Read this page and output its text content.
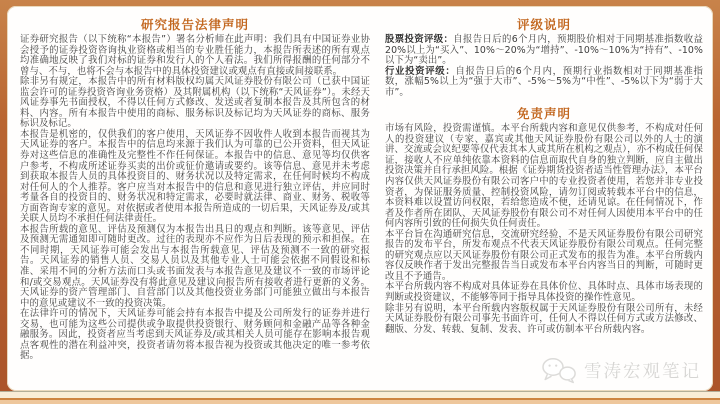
研究报告法律声明

证券研究报告（以下统称“本报告”）署名分析师在此声明：我们具有中国证券业协会授予的证券投资咨询执业资格或相当的专业胜任能力，本报告所表述的所有观点均准确地反映了我们对标的证券和发行人的个人看法。我们所得报酬的任何部分不曾与、不与，也将不会与本报告中的具体投资建议或观点有直接或间接联系。

除非另有规定，本报告中的所有材料版权均属天风证券股份有限公司（已获中国证监会许可的证券投资咨询业务资格）及其附属机构（以下统称“天风证券”）。未经天风证券事先书面授权，不得以任何方式修改、发送或者复制本报告及其所包含的材料、内容。所有本报告中使用的商标、服务标识及标记均为天风证券的商标、服务标识及标记。

本报告是机密的，仅供我们的客户使用，天风证券不因收件人收到本报告而视其为天风证券的客户。本报告中的信息均来源于我们认为可靠的已公开资料，但天风证券对这些信息的准确性及完整性不作任何保证。本报告中的信息、意见等均仅供客户参考，不构成所述证券买卖的出价或征价邀请或要约。该等信息、意见并未考虑到获取本报告人员的具体投资目的、财务状况以及特定需求，在任何时候均不构成对任何人的个人推荐。客户应当对本报告中的信息和意见进行独立评估，并应同时考量各自的投资目的、财务状况和特定需求，必要时就法律、商业、财务、税收等方面咨询专家的意见。对依据或者使用本报告所造成的一切后果，天风证券及/或其关联人员均不承担任何法律责任。

本报告所载的意见、评估及预测仅为本报告出具日的观点和判断。该等意见、评估及预测无需通知即可随时更改。过往的表现亦不应作为日后表现的预示和担保。在不同时期，天风证券可能会发出与本报告所载意见、评估及预测不一致的研究报告。天风证券的销售人员、交易人员以及其他专业人士可能会依据不同假设和标准、采用不同的分析方法而口头或书面发表与本报告意见及建议不一致的市场评论和/或交易观点。天风证券没有将此意见及建议向报告所有接收者进行更新的义务。天风证券的资产管理部门、自营部门以及其他投资业务部门可能独立做出与本报告中的意见或建议不一致的投资决策。

在法律许可的情况下，天风证券可能会持有本报告中提及公司所发行的证券并进行交易，也可能为这些公司提供或争取提供投资银行、财务顾问和金融产品等各种金融服务。因此，投资者应当考虑到天风证券及/或其相关人员可能存在影响本报告观点客观性的潜在利益冲突，投资者请勿将本报告视为投资或其他决定的唯一参考依据。

评级说明

股票投资评级：自报告日后的6个月内，预期股价相对于同期基准指数收益20%以上为“买入”、10%～20%为“增持”、-10%～10%为“持有”、-10%以下为“卖出”。

行业投资评级：自报告日后的6个月内，预期行业指数相对于同期基准指数，涨幅5%以上为“强于大市”、-5%～5%为“中性”、-5%以下为“弱于大市”。

免责声明

市场有风险，投资需谨慎。本平台所载内容和意见仅供参考，不构成对任何人的投资建议（专家、嘉宾或其他天风证券股份有限公司以外的人士的演讲、交流或会议纪要等仅代表其本人或其所在机构之观点），亦不构成任何保证，接收人不应单纯依靠本资料的信息而取代自身的独立判断，应自主做出投资决策并自行承担风险。根据《证券期货投资者适当性管理办法》，本平台内容仅供天风证券股份有限公司客户中的专业投资者使用，若您并非专业投资者，为保证服务质量、控制投资风险，请勿订阅或转载本平台中的信息，本资料难以设置访问权限，若给您造成不便，还请见谅。在任何情况下，作者及作者所在团队、天风证券股份有限公司不对任何人因使用本平台中的任何内容所引致的任何损失负任何责任。

本平台旨在沟通研究信息，交流研究经验，不是天风证券股份有限公司研究报告的发布平台，所发布观点不代表天风证券股份有限公司观点。任何完整的研究观点应以天风证券股份有限公司正式发布的报告为准。本平台所载内容仅反映作者于发出完整报告当日或发布本平台内容当日的判断，可随时更改且不予通告。

本平台所载内容不构成对具体证券在具体价位、具体时点、具体市场表现的判断或投资建议，不能够等同于指导具体投资的操作性意见。

除非另有说明，本平台所载内容版权属于天风证券股份有限公司所有，未经天风证券股份有限公司事先书面许可，任何人不得以任何方式或方法修改、翻版、分发、转载、复制、发表、许可或仿制本平台所载内容。

雪涛宏观笔记
